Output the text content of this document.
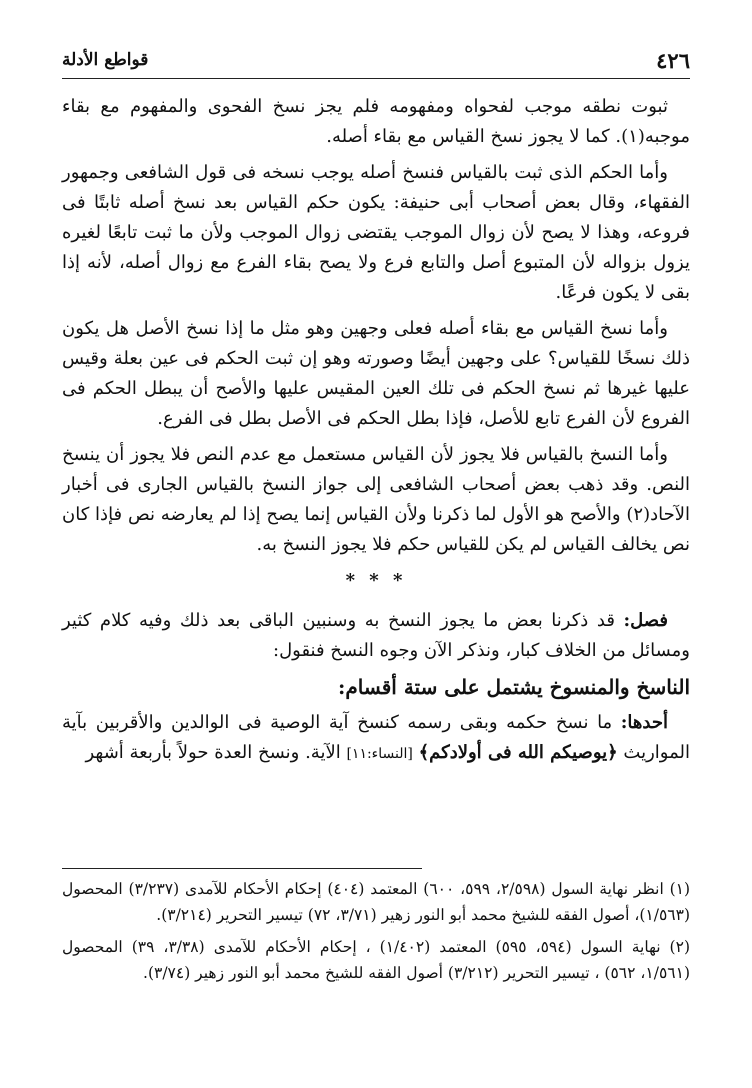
٤٢٦
قواطع الأدلة

ثبوت نطقه موجب لفحواه ومفهومه فلم يجز نسخ الفحوى والمفهوم مع بقاء موجبه(١). كما لا يجوز نسخ القياس مع بقاء أصله.

وأما الحكم الذى ثبت بالقياس فنسخ أصله يوجب نسخه فى قول الشافعى وجمهور الفقهاء، وقال بعض أصحاب أبى حنيفة: يكون حكم القياس بعد نسخ أصله ثابتًا فى فروعه، وهذا لا يصح لأن زوال الموجب يقتضى زوال الموجب ولأن ما ثبت تابعًا لغيره يزول بزواله لأن المتبوع أصل والتابع فرع ولا يصح بقاء الفرع مع زوال أصله، لأنه إذا بقى لا يكون فرعًا.

وأما نسخ القياس مع بقاء أصله فعلى وجهين وهو مثل ما إذا نسخ الأصل هل يكون ذلك نسخًا للقياس؟ على وجهين أيضًا وصورته وهو إن ثبت الحكم فى عين بعلة وقيس عليها غيرها ثم نسخ الحكم فى تلك العين المقيس عليها والأصح أن يبطل الحكم فى الفروع لأن الفرع تابع للأصل، فإذا بطل الحكم فى الأصل بطل فى الفرع.

وأما النسخ بالقياس فلا يجوز لأن القياس مستعمل مع عدم النص فلا يجوز أن ينسخ النص. وقد ذهب بعض أصحاب الشافعى إلى جواز النسخ بالقياس الجارى فى أخبار الآحاد(٢) والأصح هو الأول لما ذكرنا ولأن القياس إنما يصح إذا لم يعارضه نص فإذا كان نص يخالف القياس لم يكن للقياس حكم فلا يجوز النسخ به.

* * *

فصل: قد ذكرنا بعض ما يجوز النسخ به وسنبين الباقى بعد ذلك وفيه كلام كثير ومسائل من الخلاف كبار، ونذكر الآن وجوه النسخ فنقول:

الناسخ والمنسوخ يشتمل على ستة أقسام:

أحدها: ما نسخ حكمه وبقى رسمه كنسخ آية الوصية فى الوالدين والأقربين بآية المواريث ﴿يوصيكم الله فى أولادكم﴾ [النساء:١١] الآية. ونسخ العدة حولاً بأربعة أشهر

(١) انظر نهاية السول (٢/٥٩٨، ٥٩٩، ٦٠٠) المعتمد (٤٠٤) إحكام الأحكام للآمدى (٣/٢٣٧) المحصول (١/٥٦٣)، أصول الفقه للشيخ محمد أبو النور زهير (٣/٧١، ٧٢) تيسير التحرير (٣/٢١٤).

(٢) نهاية السول (٥٩٤، ٥٩٥) المعتمد (١/٤٠٢) ، إحكام الأحكام للآمدى (٣/٣٨، ٣٩) المحصول (١/٥٦١، ٥٦٢) ، تيسير التحرير (٣/٢١٢) أصول الفقه للشيخ محمد أبو النور زهير (٣/٧٤).
